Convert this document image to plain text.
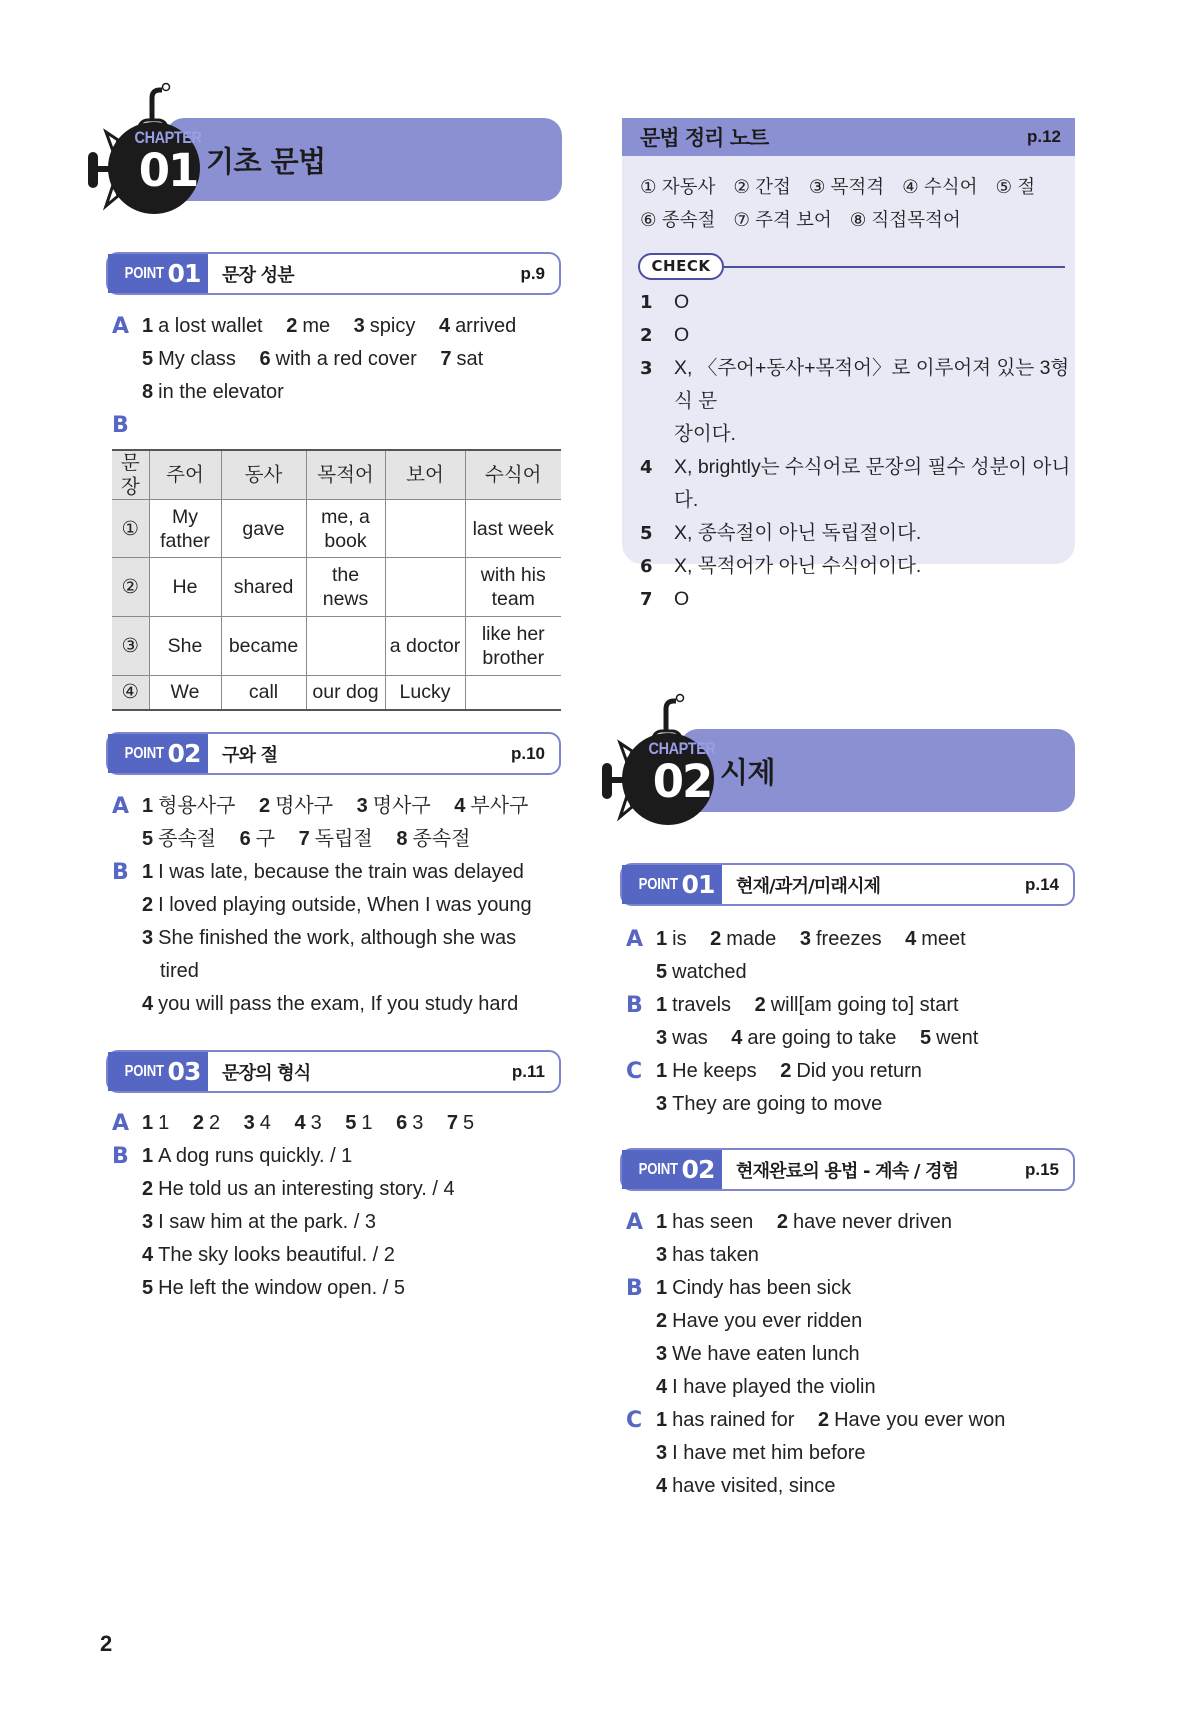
기초 문법
CHAPTER
01
POINT 01	문장 성분	p.9
A 1 a lost wallet 2 me 3 spicy 4 arrived
5 My class 6 with a red cover 7 sat
8 in the elevator
B
문장	주어	동사	목적어	보어	수식어
①	My father	gave	me, a book		last week
②	He	shared	the news		with his team
③	She	became		a doctor	like her brother
④	We	call	our dog	Lucky	
POINT 02	구와 절	p.10
A
B
1 형용사구 2 명사구 3 명사구 4 부사구
5 종속절 6 구 7 독립절 8 종속절
1 I was late, because the train was delayed
2 I loved playing outside, When I was young
3 She finished the work, although she was
tired
4 you will pass the exam, If you study hard
POINT 03	문장의 형식	p.11
A
B
1 1 2 2 3 4 4 3 5 1 6 3 7 5
1 A dog runs quickly. / 1
2 He told us an interesting story. / 4
3 I saw him at the park. / 3
4 The sky looks beautiful. / 2
5 He left the window open. / 5
문법 정리 노트	p.12
① 자동사 ② 간접 ③ 목적격 ④ 수식어 ⑤ 절
⑥ 종속절 ⑦ 주격 보어 ⑧ 직접목적어
CHECK
1 O
2 O
3 X, 〈주어+동사+목적어〉로 이루어져 있는 3형식 문
장이다.
4 X, brightly는 수식어로 문장의 필수 성분이 아니다.
5 X, 종속절이 아닌 독립절이다.
6 X, 목적어가 아닌 수식어이다.
7 O
시제
CHAPTER
02
POINT 01	현재/과거/미래시제	p.14
A
B
C
1 is 2 made 3 freezes 4 meet
5 watched
1 travels 2 will[am going to] start
3 was 4 are going to take 5 went
1 He keeps 2 Did you return
3 They are going to move
POINT 02	현재완료의 용법 - 계속 / 경험	p.15
A
B
C
1 has seen 2 have never driven
3 has taken
1 Cindy has been sick
2 Have you ever ridden
3 We have eaten lunch
4 I have played the violin
1 has rained for 2 Have you ever won
3 I have met him before
4 have visited, since
2
